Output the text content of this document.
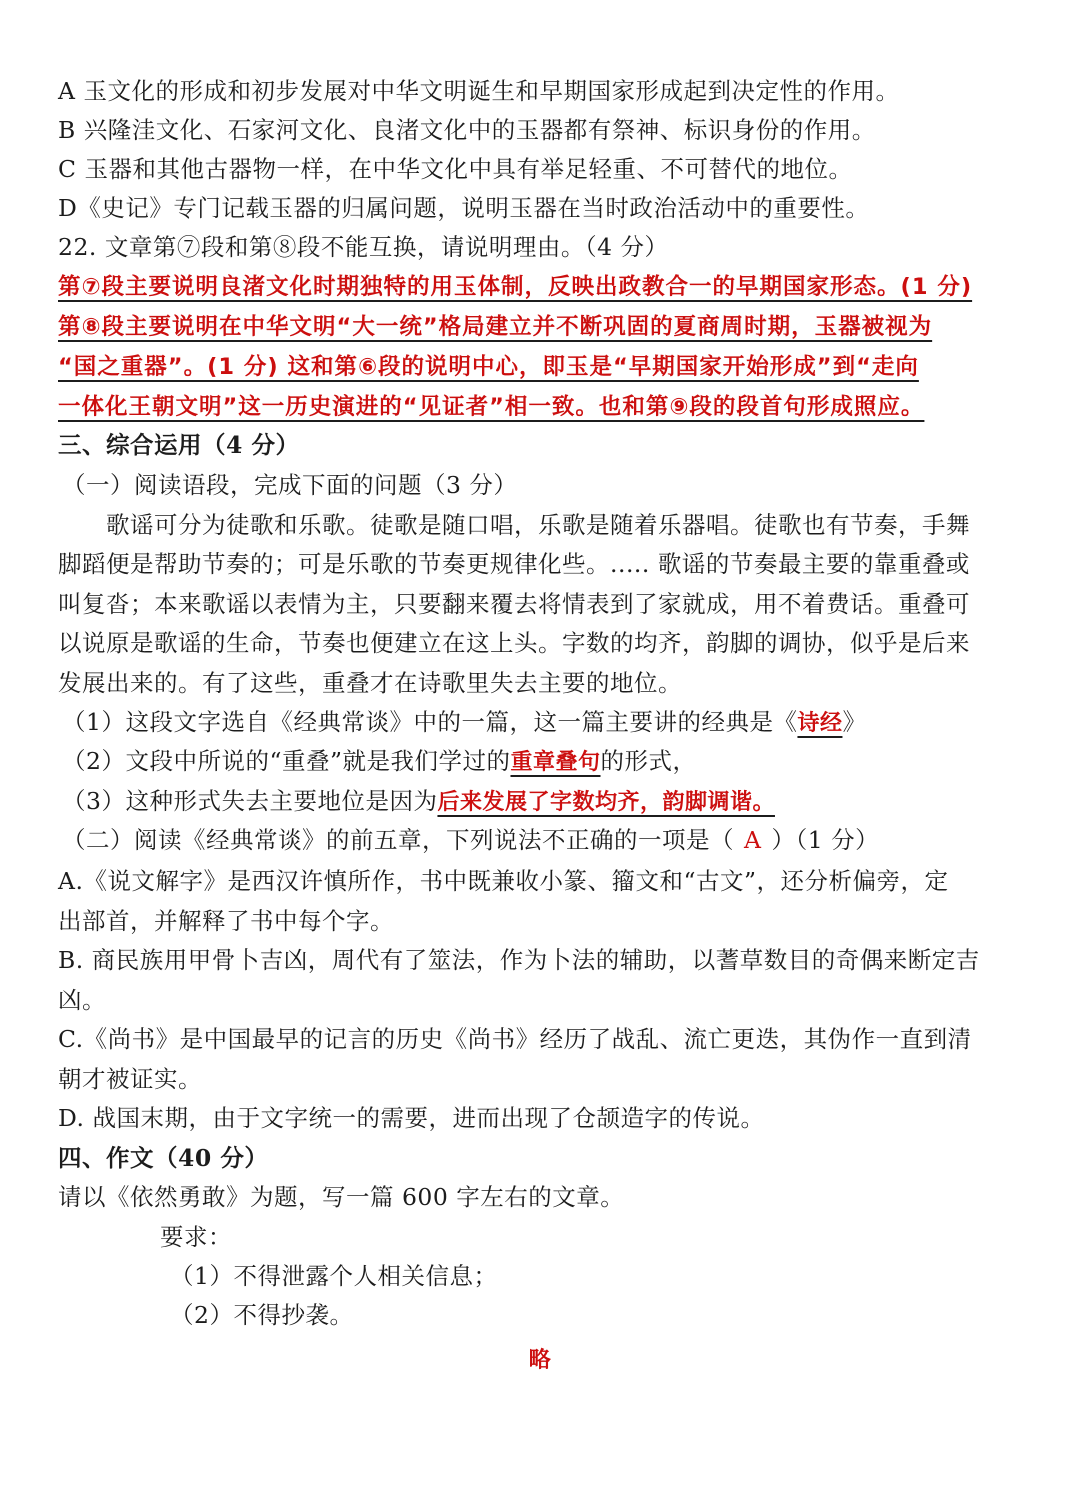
A 玉文化的形成和初步发展对中华文明诞生和早期国家形成起到决定性的作用。
B 兴隆洼文化、石家河文化、良渚文化中的玉器都有祭神、标识身份的作用。
C 玉器和其他古器物一样，在中华文化中具有举足轻重、不可替代的地位。
D《史记》专门记载玉器的归属问题，说明玉器在当时政治活动中的重要性。
22. 文章第⑦段和第⑧段不能互换，请说明理由。（4 分）
第⑦段主要说明良渚文化时期独特的用玉体制，反映出政教合一的早期国家形态。(1 分)
第⑧段主要说明在中华文明“大一统”格局建立并不断巩固的夏商周时期，玉器被视为
“国之重器”。(1 分) 这和第⑥段的说明中心，即玉是“早期国家开始形成”到“走向
一体化王朝文明”这一历史演进的“见证者”相一致。也和第⑨段的段首句形成照应。
三、综合运用（4 分）
（一）阅读语段，完成下面的问题（3 分）
歌谣可分为徒歌和乐歌。徒歌是随口唱，乐歌是随着乐器唱。徒歌也有节奏，手舞
脚蹈便是帮助节奏的；可是乐歌的节奏更规律化些。..... 歌谣的节奏最主要的靠重叠或
叫复沓；本来歌谣以表情为主，只要翻来覆去将情表到了家就成，用不着费话。重叠可
以说原是歌谣的生命，节奏也便建立在这上头。字数的均齐，韵脚的调协，似乎是后来
发展出来的。有了这些，重叠才在诗歌里失去主要的地位。
（1）这段文字选自《经典常谈》中的一篇，这一篇主要讲的经典是《诗经》
（2）文段中所说的“重叠”就是我们学过的重章叠句的形式，
（3）这种形式失去主要地位是因为后来发展了字数均齐，韵脚调谐。
（二）阅读《经典常谈》的前五章，下列说法不正确的一项是（ A ）（1 分）
A.《说文解字》是西汉许慎所作，书中既兼收小篆、籀文和“古文”，还分析偏旁，定
出部首，并解释了书中每个字。
B. 商民族用甲骨卜吉凶，周代有了筮法，作为卜法的辅助，以蓍草数目的奇偶来断定吉
凶。
C.《尚书》是中国最早的记言的历史《尚书》经历了战乱、流亡更迭，其伪作一直到清
朝才被证实。
D. 战国末期，由于文字统一的需要，进而出现了仓颉造字的传说。
四、作文（40 分）
请以《依然勇敢》为题，写一篇 600 字左右的文章。
要求：
（1）不得泄露个人相关信息；
（2）不得抄袭。
略
